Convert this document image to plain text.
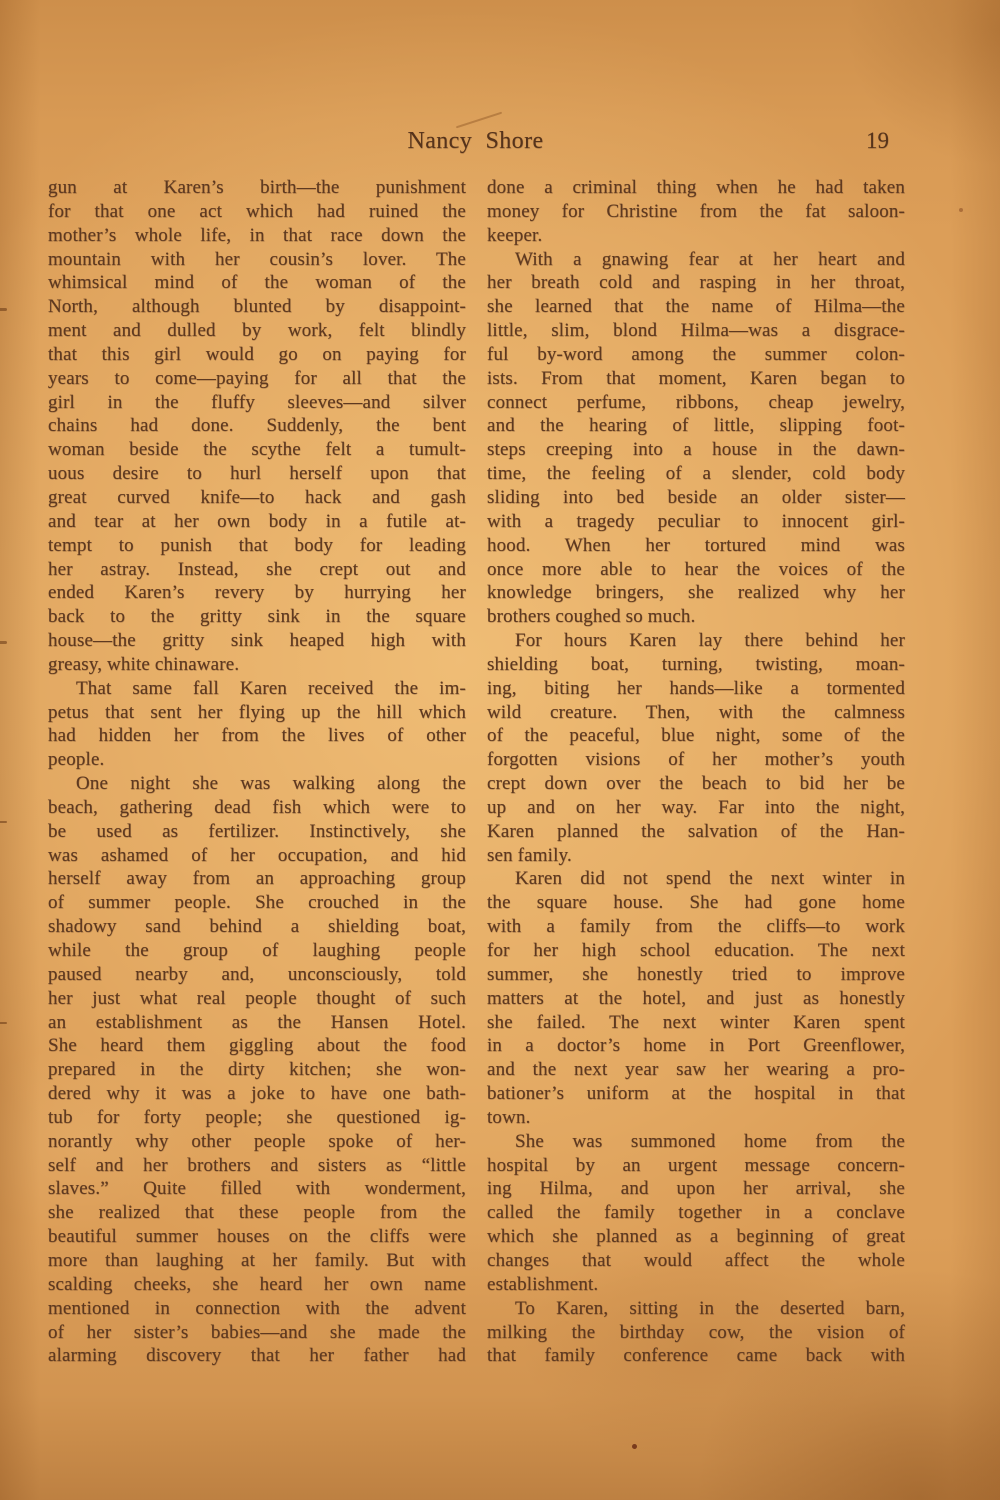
Nancy Shore	19
gun at Karen’s birth—the punishment
for that one act which had ruined the
mother’s whole life, in that race down the
mountain with her cousin’s lover. The
whimsical mind of the woman of the
North, although blunted by disappoint-
ment and dulled by work, felt blindly
that this girl would go on paying for
years to come—paying for all that the
girl in the fluffy sleeves—and silver
chains had done. Suddenly, the bent
woman beside the scythe felt a tumult-
uous desire to hurl herself upon that
great curved knife—to hack and gash
and tear at her own body in a futile at-
tempt to punish that body for leading
her astray. Instead, she crept out and
ended Karen’s revery by hurrying her
back to the gritty sink in the square
house—the gritty sink heaped high with
greasy, white chinaware.
That same fall Karen received the im-
petus that sent her flying up the hill which
had hidden her from the lives of other
people.
One night she was walking along the
beach, gathering dead fish which were to
be used as fertilizer. Instinctively, she
was ashamed of her occupation, and hid
herself away from an approaching group
of summer people. She crouched in the
shadowy sand behind a shielding boat,
while the group of laughing people
paused nearby and, unconsciously, told
her just what real people thought of such
an establishment as the Hansen Hotel.
She heard them giggling about the food
prepared in the dirty kitchen; she won-
dered why it was a joke to have one bath-
tub for forty people; she questioned ig-
norantly why other people spoke of her-
self and her brothers and sisters as “little
slaves.” Quite filled with wonderment,
she realized that these people from the
beautiful summer houses on the cliffs were
more than laughing at her family. But with
scalding cheeks, she heard her own name
mentioned in connection with the advent
of her sister’s babies—and she made the
alarming discovery that her father had
done a criminal thing when he had taken
money for Christine from the fat saloon-
keeper.
With a gnawing fear at her heart and
her breath cold and rasping in her throat,
she learned that the name of Hilma—the
little, slim, blond Hilma—was a disgrace-
ful by-word among the summer colon-
ists. From that moment, Karen began to
connect perfume, ribbons, cheap jewelry,
and the hearing of little, slipping foot-
steps creeping into a house in the dawn-
time, the feeling of a slender, cold body
sliding into bed beside an older sister—
with a tragedy peculiar to innocent girl-
hood. When her tortured mind was
once more able to hear the voices of the
knowledge bringers, she realized why her
brothers coughed so much.
For hours Karen lay there behind her
shielding boat, turning, twisting, moan-
ing, biting her hands—like a tormented
wild creature. Then, with the calmness
of the peaceful, blue night, some of the
forgotten visions of her mother’s youth
crept down over the beach to bid her be
up and on her way. Far into the night,
Karen planned the salvation of the Han-
sen family.
Karen did not spend the next winter in
the square house. She had gone home
with a family from the cliffs—to work
for her high school education. The next
summer, she honestly tried to improve
matters at the hotel, and just as honestly
she failed. The next winter Karen spent
in a doctor’s home in Port Greenflower,
and the next year saw her wearing a pro-
bationer’s uniform at the hospital in that
town.
She was summoned home from the
hospital by an urgent message concern-
ing Hilma, and upon her arrival, she
called the family together in a conclave
which she planned as a beginning of great
changes that would affect the whole
establishment.
To Karen, sitting in the deserted barn,
milking the birthday cow, the vision of
that family conference came back with
